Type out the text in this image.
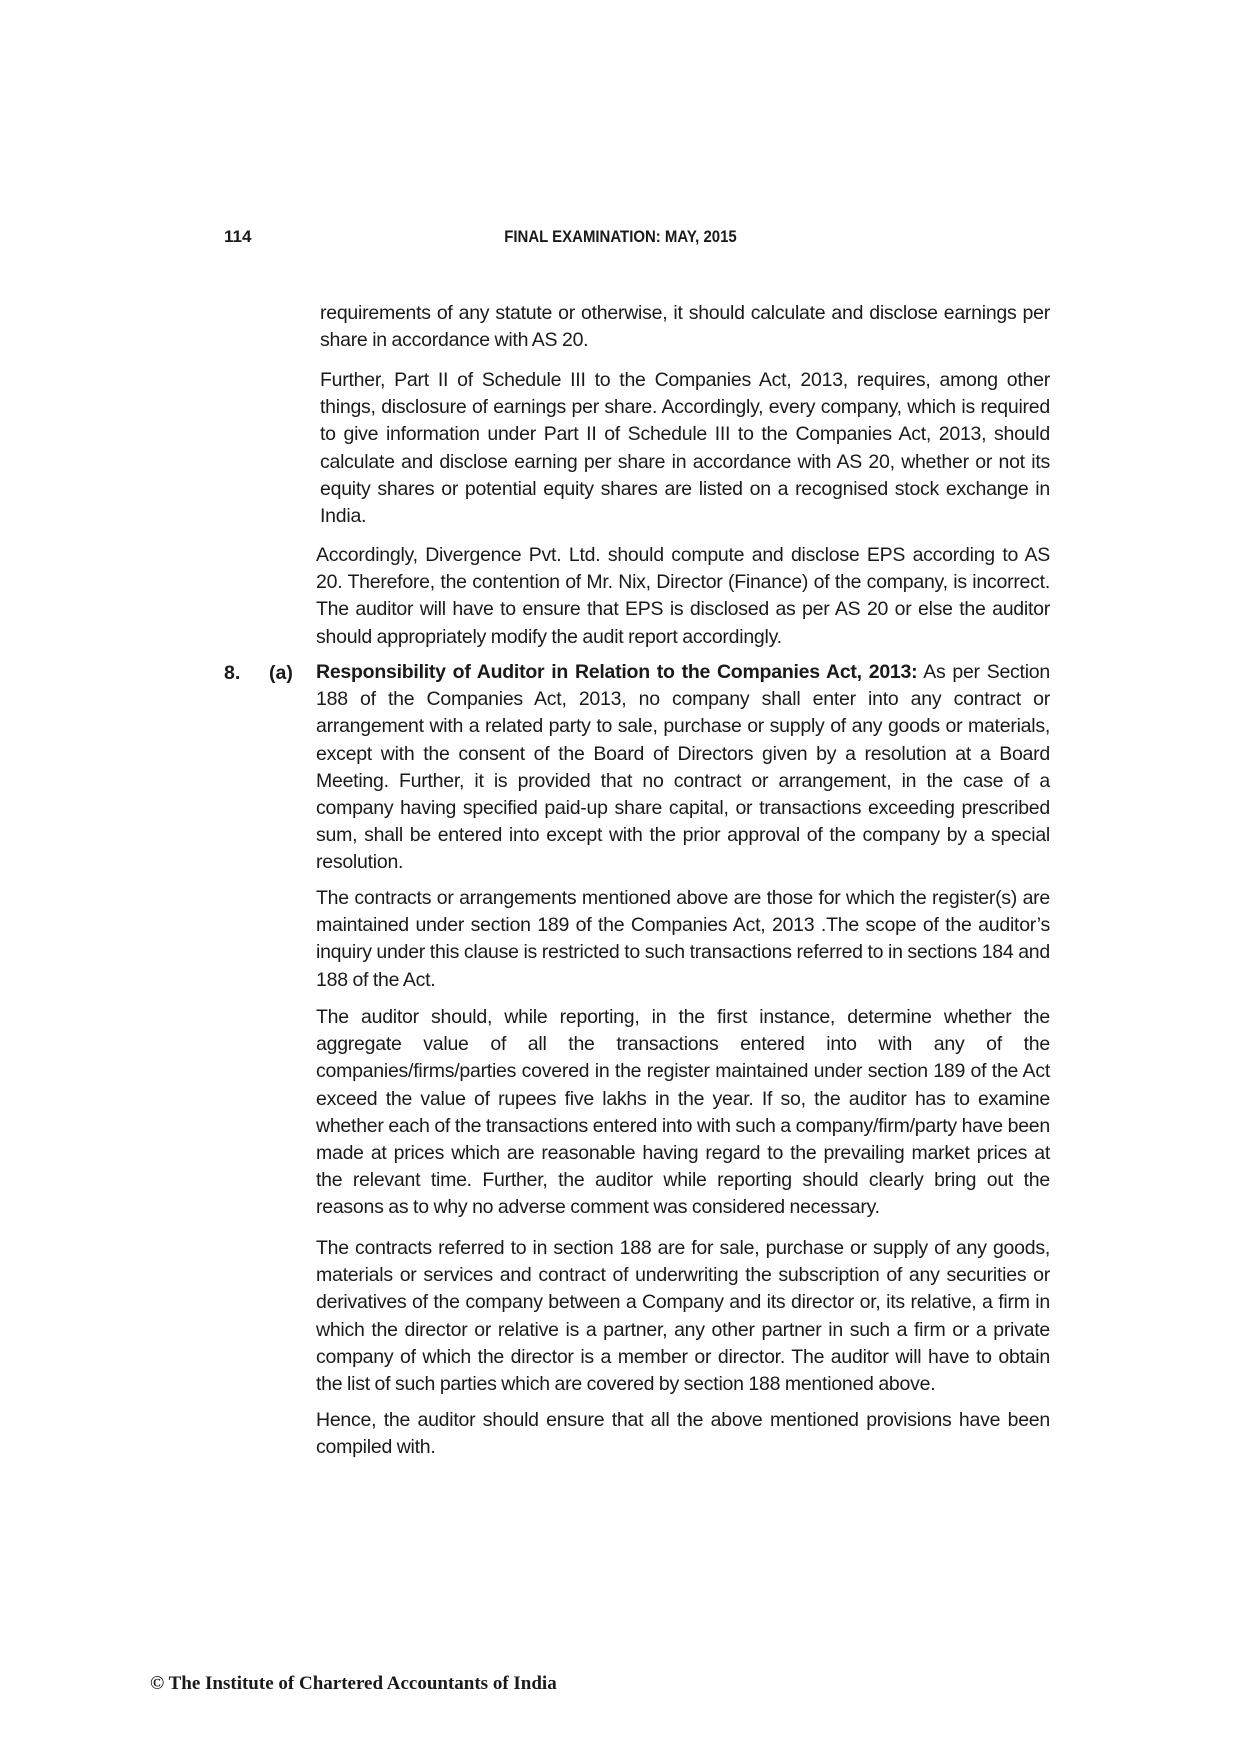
114	FINAL EXAMINATION: MAY, 2015

requirements of any statute or otherwise, it should calculate and disclose earnings per share in accordance with AS 20.

Further, Part II of Schedule III to the Companies Act, 2013, requires, among other things, disclosure of earnings per share. Accordingly, every company, which is required to give information under Part II of Schedule III to the Companies Act, 2013, should calculate and disclose earning per share in accordance with AS 20, whether or not its equity shares or potential equity shares are listed on a recognised stock exchange in India.

Accordingly, Divergence Pvt. Ltd. should compute and disclose EPS according to AS 20. Therefore, the contention of Mr. Nix, Director (Finance) of the company, is incorrect. The auditor will have to ensure that EPS is disclosed as per AS 20 or else the auditor should appropriately modify the audit report accordingly.

8. (a) Responsibility of Auditor in Relation to the Companies Act, 2013: As per Section 188 of the Companies Act, 2013, no company shall enter into any contract or arrangement with a related party to sale, purchase or supply of any goods or materials, except with the consent of the Board of Directors given by a resolution at a Board Meeting. Further, it is provided that no contract or arrangement, in the case of a company having specified paid-up share capital, or transactions exceeding prescribed sum, shall be entered into except with the prior approval of the company by a special resolution.

The contracts or arrangements mentioned above are those for which the register(s) are maintained under section 189 of the Companies Act, 2013 .The scope of the auditor’s inquiry under this clause is restricted to such transactions referred to in sections 184 and 188 of the Act.

The auditor should, while reporting, in the first instance, determine whether the aggregate value of all the transactions entered into with any of the companies/firms/parties covered in the register maintained under section 189 of the Act exceed the value of rupees five lakhs in the year. If so, the auditor has to examine whether each of the transactions entered into with such a company/firm/party have been made at prices which are reasonable having regard to the prevailing market prices at the relevant time. Further, the auditor while reporting should clearly bring out the reasons as to why no adverse comment was considered necessary.

The contracts referred to in section 188 are for sale, purchase or supply of any goods, materials or services and contract of underwriting the subscription of any securities or derivatives of the company between a Company and its director or, its relative, a firm in which the director or relative is a partner, any other partner in such a firm or a private company of which the director is a member or director. The auditor will have to obtain the list of such parties which are covered by section 188 mentioned above.

Hence, the auditor should ensure that all the above mentioned provisions have been compiled with.

© The Institute of Chartered Accountants of India
